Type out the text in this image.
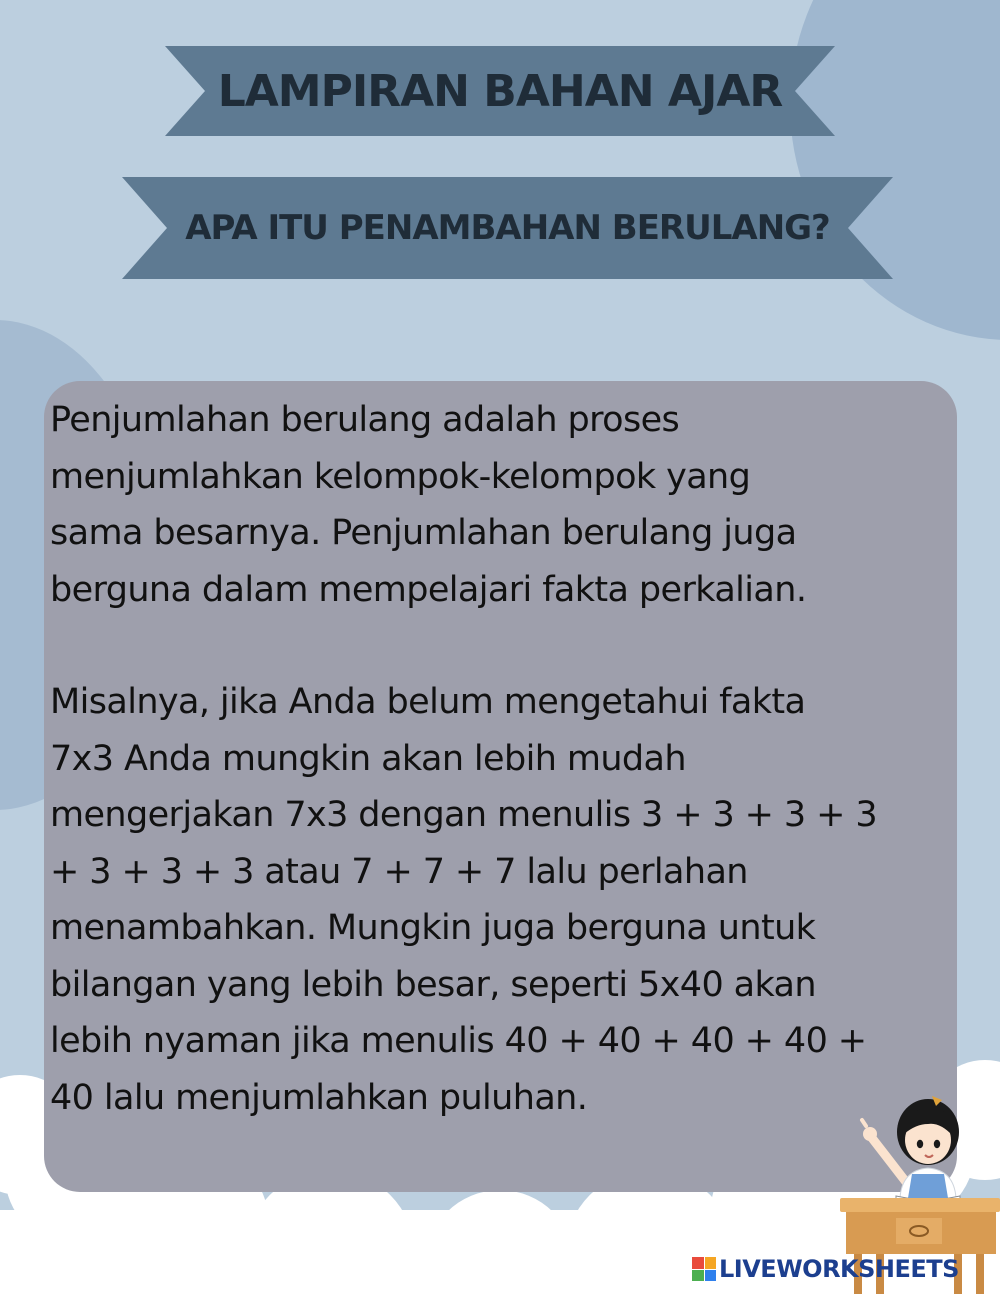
LAMPIRAN BAHAN AJAR
APA ITU PENAMBAHAN BERULANG?

Penjumlahan berulang adalah proses
menjumlahkan kelompok-kelompok yang
sama besarnya. Penjumlahan berulang juga
berguna dalam mempelajari fakta perkalian.

Misalnya, jika Anda belum mengetahui fakta
7x3 Anda mungkin akan lebih mudah
mengerjakan 7x3 dengan menulis 3 + 3 + 3 + 3
+ 3 + 3 + 3 atau 7 + 7 + 7 lalu perlahan
menambahkan. Mungkin juga berguna untuk
bilangan yang lebih besar, seperti 5x40 akan
lebih nyaman jika menulis 40 + 40 + 40 + 40 +
40 lalu menjumlahkan puluhan.

LIVEWORKSHEETS
